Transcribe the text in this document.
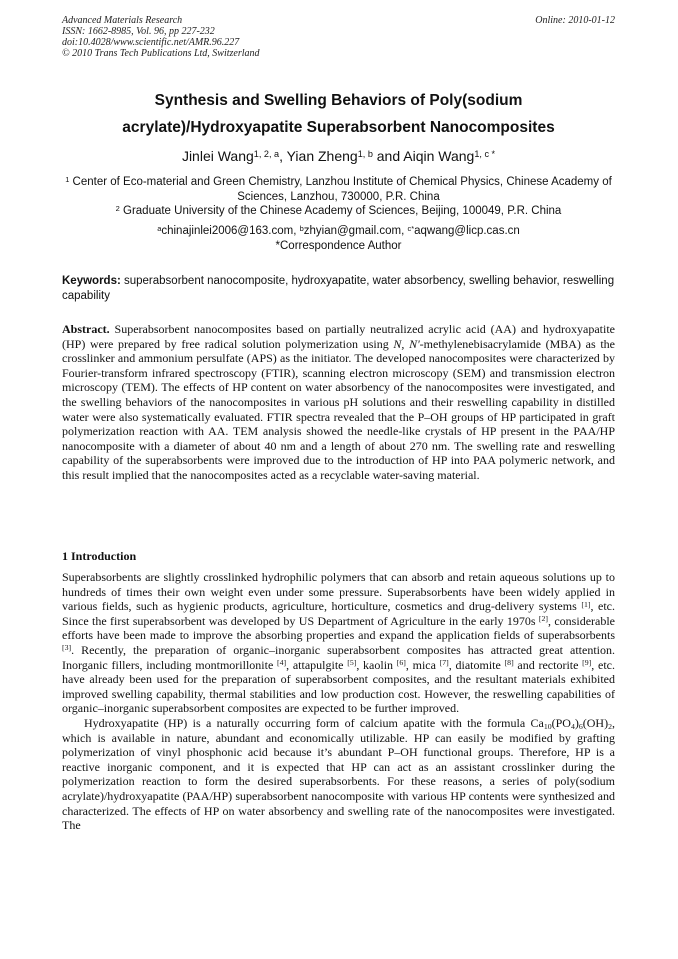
Advanced Materials Research
ISSN: 1662-8985, Vol. 96, pp 227-232
doi:10.4028/www.scientific.net/AMR.96.227
© 2010 Trans Tech Publications Ltd, Switzerland
Online: 2010-01-12
Synthesis and Swelling Behaviors of Poly(sodium
acrylate)/Hydroxyapatite Superabsorbent Nanocomposites
Jinlei Wang$^{1, 2, a}$, Yian Zheng$^{1, b}$ and Aiqin Wang$^{1, c *}$
$^1$ Center of Eco-material and Green Chemistry, Lanzhou Institute of Chemical Physics, Chinese Academy of Sciences, Lanzhou, 730000, P.R. China
$^2$ Graduate University of the Chinese Academy of Sciences, Beijing, 100049, P.R. China
$^a$chinajinlei2006@163.com, $^b$zhyian@gmail.com, $^{c*}$aqwang@licp.cas.cn
*Correspondence Author
Keywords: superabsorbent nanocomposite, hydroxyapatite, water absorbency, swelling behavior, reswelling capability
Abstract. Superabsorbent nanocomposites based on partially neutralized acrylic acid (AA) and hydroxyapatite (HP) were prepared by free radical solution polymerization using N, N'-methylenebisacrylamide (MBA) as the crosslinker and ammonium persulfate (APS) as the initiator. The developed nanocomposites were characterized by Fourier-transform infrared spectroscopy (FTIR), scanning electron microscopy (SEM) and transmission electron microscopy (TEM). The effects of HP content on water absorbency of the nanocomposites were investigated, and the swelling behaviors of the nanocomposites in various pH solutions and their reswelling capability in distilled water were also systematically evaluated. FTIR spectra revealed that the P–OH groups of HP participated in graft polymerization reaction with AA. TEM analysis showed the needle-like crystals of HP present in the PAA/HP nanocomposite with a diameter of about 40 nm and a length of about 270 nm. The swelling rate and reswelling capability of the superabsorbents were improved due to the introduction of HP into PAA polymeric network, and this result implied that the nanocomposites acted as a recyclable water-saving material.
1 Introduction

Superabsorbents are slightly crosslinked hydrophilic polymers that can absorb and retain aqueous solutions up to hundreds of times their own weight even under some pressure. Superabsorbents have been widely applied in various fields, such as hygienic products, agriculture, horticulture, cosmetics and drug-delivery systems [1], etc. Since the first superabsorbent was developed by US Department of Agriculture in the early 1970s [2], considerable efforts have been made to improve the absorbing properties and expand the application fields of superabsorbents [3]. Recently, the preparation of organic–inorganic superabsorbent composites has attracted great attention. Inorganic fillers, including montmorillonite [4], attapulgite [5], kaolin [6], mica [7], diatomite [8] and rectorite [9], etc. have already been used for the preparation of superabsorbent composites, and the resultant materials exhibited improved swelling capability, thermal stabilities and low production cost. However, the reswelling capabilities of organic–inorganic superabsorbent composites are expected to be further improved.

Hydroxyapatite (HP) is a naturally occurring form of calcium apatite with the formula $Ca_{10}(PO_4)_6(OH)_2$, which is available in nature, abundant and economically utilizable. HP can easily be modified by grafting polymerization of vinyl phosphonic acid because it’s abundant P–OH functional groups. Therefore, HP is a reactive inorganic component, and it is expected that HP can act as an assistant crosslinker during the polymerization reaction to form the desired superabsorbents. For these reasons, a series of poly(sodium acrylate)/hydroxyapatite (PAA/HP) superabsorbent nanocomposite with various HP contents were synthesized and characterized. The effects of HP on water absorbency and swelling rate of the nanocomposites were investigated. The
